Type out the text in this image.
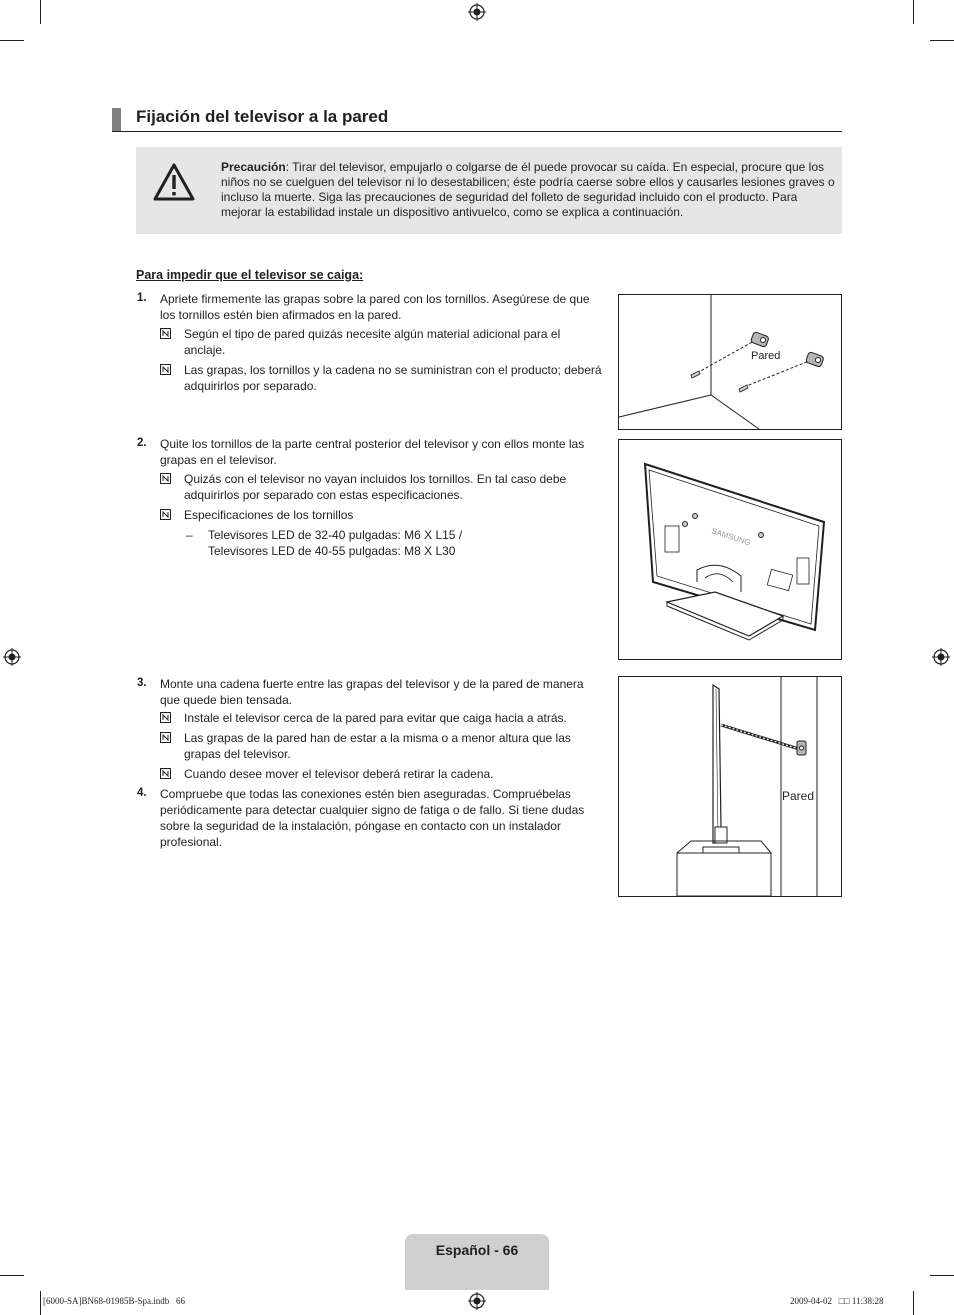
Fijación del televisor a la pared
Precaución: Tirar del televisor, empujarlo o colgarse de él puede provocar su caída. En especial, procure que los niños no se cuelguen del televisor ni lo desestabilicen; éste podría caerse sobre ellos y causarles lesiones graves o incluso la muerte. Siga las precauciones de seguridad del folleto de seguridad incluido con el producto. Para mejorar la estabilidad instale un dispositivo antivuelco, como se explica a continuación.
Para impedir que el televisor se caiga:
1. Apriete firmemente las grapas sobre la pared con los tornillos. Asegúrese de que los tornillos estén bien afirmados en la pared.
Según el tipo de pared quizás necesite algún material adicional para el anclaje.
Las grapas, los tornillos y la cadena no se suministran con el producto; deberá adquirirlos por separado.
Pared
2. Quite los tornillos de la parte central posterior del televisor y con ellos monte las grapas en el televisor.
Quizás con el televisor no vayan incluidos los tornillos. En tal caso debe adquirirlos por separado con estas especificaciones.
Especificaciones de los tornillos
– Televisores LED de 32-40 pulgadas: M6 X L15 /
Televisores LED de 40-55 pulgadas: M8 X L30
SAMSUNG
3. Monte una cadena fuerte entre las grapas del televisor y de la pared de manera que quede bien tensada.
Instale el televisor cerca de la pared para evitar que caiga hacia a atrás.
Las grapas de la pared han de estar a la misma o a menor altura que las grapas del televisor.
Cuando desee mover el televisor deberá retirar la cadena.
4. Compruebe que todas las conexiones estén bien aseguradas. Compruébelas periódicamente para detectar cualquier signo de fatiga o de fallo. Si tiene dudas sobre la seguridad de la instalación, póngase en contacto con un instalador profesional.
Pared
Español - 66
[6000-SA]BN68-01985B-Spa.indb   66	2009-04-02   □□ 11:38:28
